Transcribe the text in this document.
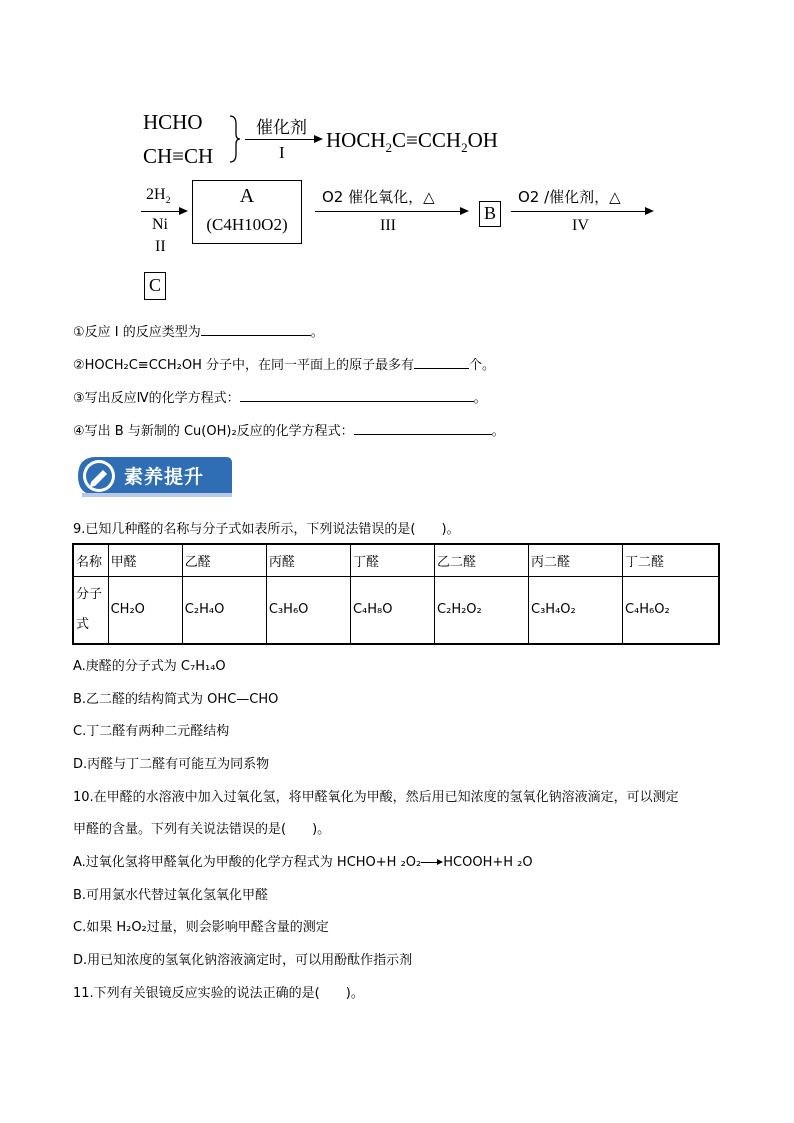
HCHO
CH≡CH
催化剂
I
$HOCH_2C\equiv CCH_2OH$
$2H_2$
Ni
II
A
(C4H10O2)
O2 催化氧化，△
III
B
O2 /催化剂，△
IV
C
①反应 I 的反应类型为	。
②HOCH₂C≡CCH₂OH 分子中，在同一平面上的原子最多有	个。
③写出反应Ⅳ的化学方程式：	。
④写出 B 与新制的 Cu(OH)₂反应的化学方程式：	。
素养提升
9.已知几种醛的名称与分子式如表所示，下列说法错误的是(　　)。
名称	甲醛	乙醛	丙醛	丁醛	乙二醛	丙二醛	丁二醛

分子
式	CH₂O	C₂H₄O	C₃H₆O	C₄H₈O	C₂H₂O₂	C₃H₄O₂	C₄H₆O₂
A.庚醛的分子式为 C₇H₁₄O
B.乙二醛的结构简式为 OHC—CHO
C.丁二醛有两种二元醛结构
D.丙醛与丁二醛有可能互为同系物
10.在甲醛的水溶液中加入过氧化氢，将甲醛氧化为甲酸，然后用已知浓度的氢氧化钠溶液滴定，可以测定
甲醛的含量。下列有关说法错误的是(　　)。
A.过氧化氢将甲醛氧化为甲酸的化学方程式为 HCHO+H ₂O₂ HCOOH+H ₂O
B.可用氯水代替过氧化氢氧化甲醛
C.如果 H₂O₂过量，则会影响甲醛含量的测定
D.用已知浓度的氢氧化钠溶液滴定时，可以用酚酞作指示剂
11.下列有关银镜反应实验的说法正确的是(　　)。
